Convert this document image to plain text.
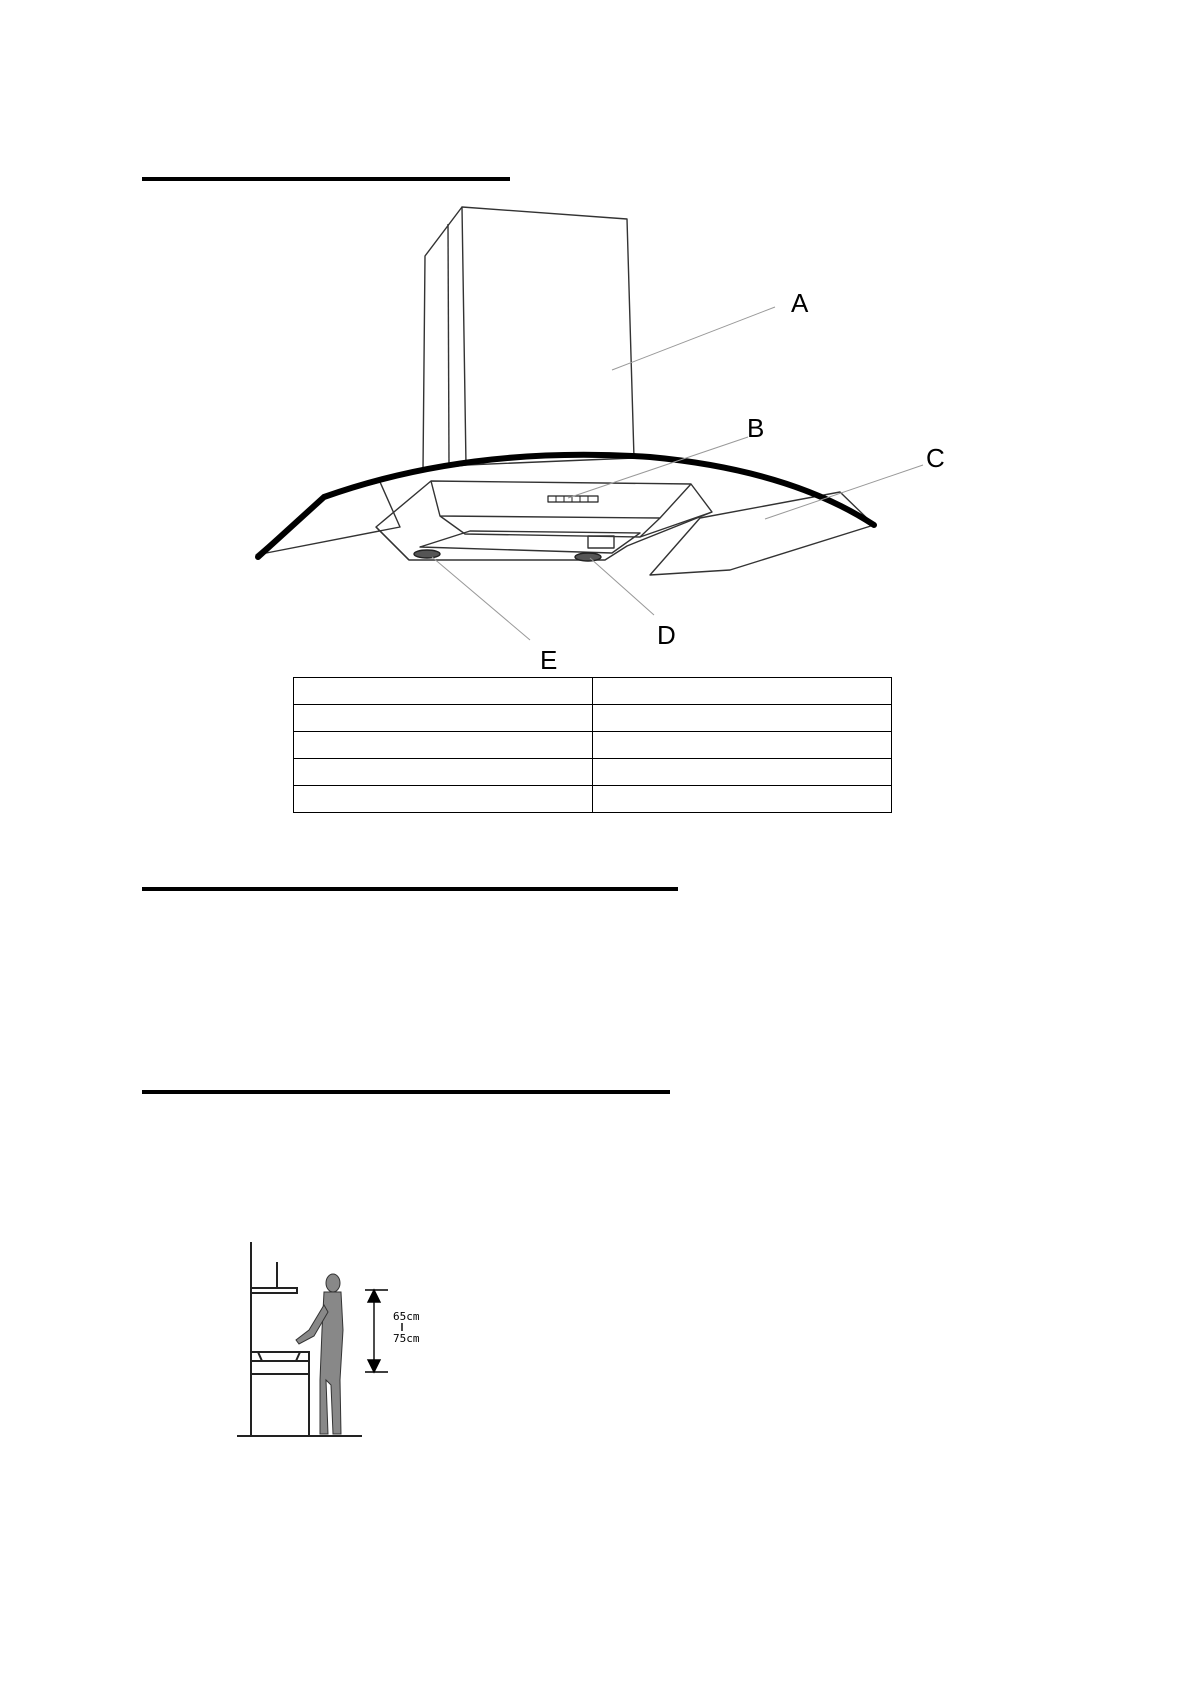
A
B
C
D
E

65cm
75cm
